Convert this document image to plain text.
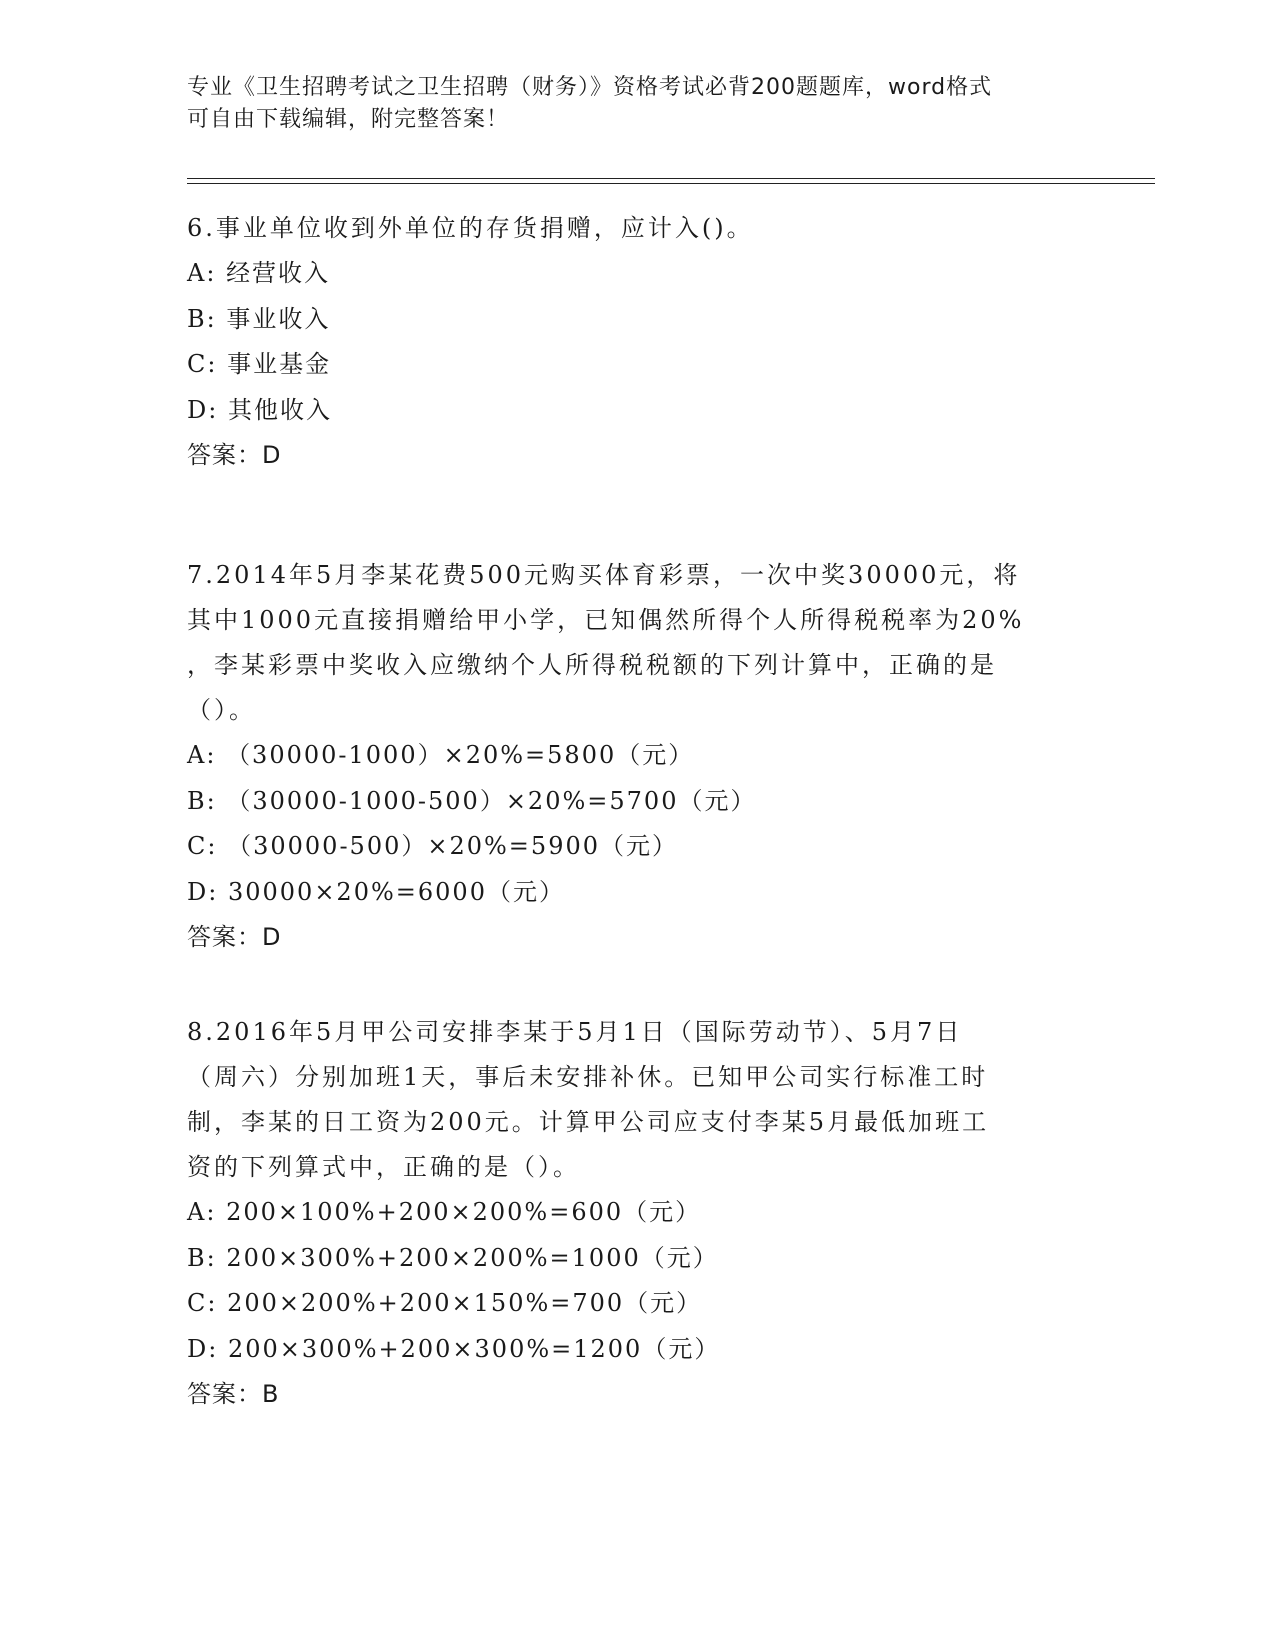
专业《卫生招聘考试之卫生招聘（财务）》资格考试必背200题题库，word格式
可自由下载编辑，附完整答案！
6.事业单位收到外单位的存货捐赠，应计入()。
A: 经营收入
B: 事业收入
C: 事业基金
D: 其他收入
答案：D
7.2014年5月李某花费500元购买体育彩票，一次中奖30000元，将
其中1000元直接捐赠给甲小学，已知偶然所得个人所得税税率为20%
，李某彩票中奖收入应缴纳个人所得税税额的下列计算中，正确的是
（）。
A: （30000-1000）×20%=5800（元）
B: （30000-1000-500）×20%=5700（元）
C: （30000-500）×20%=5900（元）
D: 30000×20%=6000（元）
答案：D
8.2016年5月甲公司安排李某于5月1日（国际劳动节）、5月7日
（周六）分别加班1天，事后未安排补休。已知甲公司实行标准工时
制，李某的日工资为200元。计算甲公司应支付李某5月最低加班工
资的下列算式中，正确的是（）。
A: 200×100%+200×200%=600（元）
B: 200×300%+200×200%=1000（元）
C: 200×200%+200×150%=700（元）
D: 200×300%+200×300%=1200（元）
答案：B
